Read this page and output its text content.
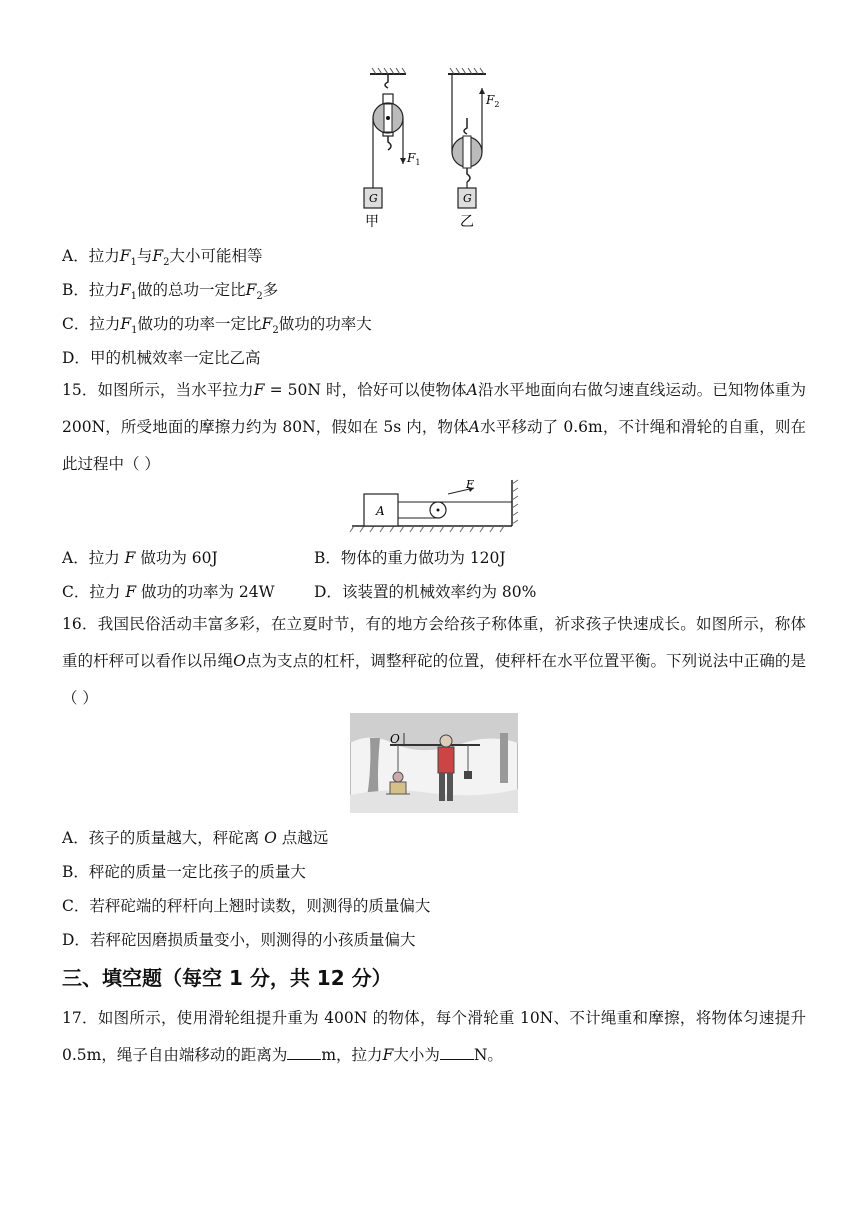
$F_1$
G
甲
$F_2$
G
乙
A．拉力$F_1$与$F_2$大小可能相等
B．拉力$F_1$做的总功一定比$F_2$多
C．拉力$F_1$做功的功率一定比$F_2$做功的功率大
D．甲的机械效率一定比乙高
15．如图所示，当水平拉力F = 50N 时，恰好可以使物体A沿水平地面向右做匀速直线运动。已知物体重为 200N，所受地面的摩擦力约为 80N，假如在 5s 内，物体A水平移动了 0.6m，不计绳和滑轮的自重，则在此过程中（ ）
A
F
A．拉力 F 做功为 60J	B．物体的重力做功为 120J
C．拉力 F 做功的功率为 24W	D．该装置的机械效率约为 80%
16．我国民俗活动丰富多彩，在立夏时节，有的地方会给孩子称体重，祈求孩子快速成长。如图所示，称体重的杆秤可以看作以吊绳O点为支点的杠杆，调整秤砣的位置，使秤杆在水平位置平衡。下列说法中正确的是（ ）
O
A．孩子的质量越大，秤砣离 O 点越远
B．秤砣的质量一定比孩子的质量大
C．若秤砣端的秤杆向上翘时读数，则测得的质量偏大
D．若秤砣因磨损质量变小，则测得的小孩质量偏大
三、填空题（每空 1 分，共 12 分）
17．如图所示，使用滑轮组提升重为 400N 的物体，每个滑轮重 10N、不计绳重和摩擦，将物体匀速提升 0.5m，绳子自由端移动的距离为 m，拉力F大小为 N。
